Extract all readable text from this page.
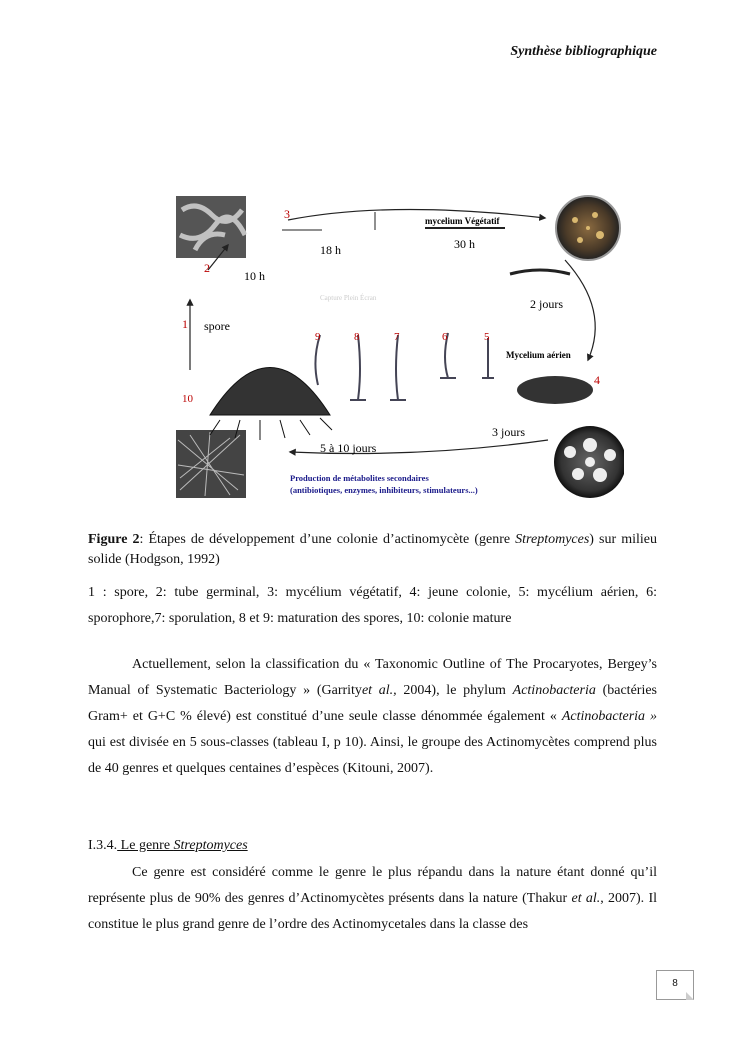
Synthèse bibliographique
3
18 h
mycelium Végétatif
30 h
2
10 h
2 jours
Capture Plein Écran
1 spore
9	8	7	6	5
Mycelium aérien
4
10
3 jours
5 à 10 jours
Production de métabolites secondaires
(antibiotiques, enzymes, inhibiteurs, stimulateurs...)
Figure 2: Étapes de développement d’une colonie d’actinomycète (genre Streptomyces) sur milieu solide (Hodgson, 1992)
1 : spore, 2: tube germinal, 3: mycélium végétatif, 4: jeune colonie, 5: mycélium aérien, 6: sporophore,7: sporulation, 8 et 9: maturation des spores, 10: colonie mature
Actuellement, selon la classification du « Taxonomic Outline of The Procaryotes, Bergey’s Manual of Systematic Bacteriology » (Garrityet al., 2004), le phylum Actinobacteria (bactéries Gram+ et G+C % élevé) est constitué d’une seule classe dénommée également « Actinobacteria » qui est divisée en 5 sous-classes (tableau I, p 10). Ainsi, le groupe des Actinomycètes comprend plus de 40 genres et quelques centaines d’espèces (Kitouni, 2007).
I.3.4. Le genre Streptomyces
Ce genre est considéré comme le genre le plus répandu dans la nature étant donné qu’il représente plus de 90% des genres d’Actinomycètes présents dans la nature (Thakur et al., 2007). Il constitue le plus grand genre de l’ordre des Actinomycetales dans la classe des
8
